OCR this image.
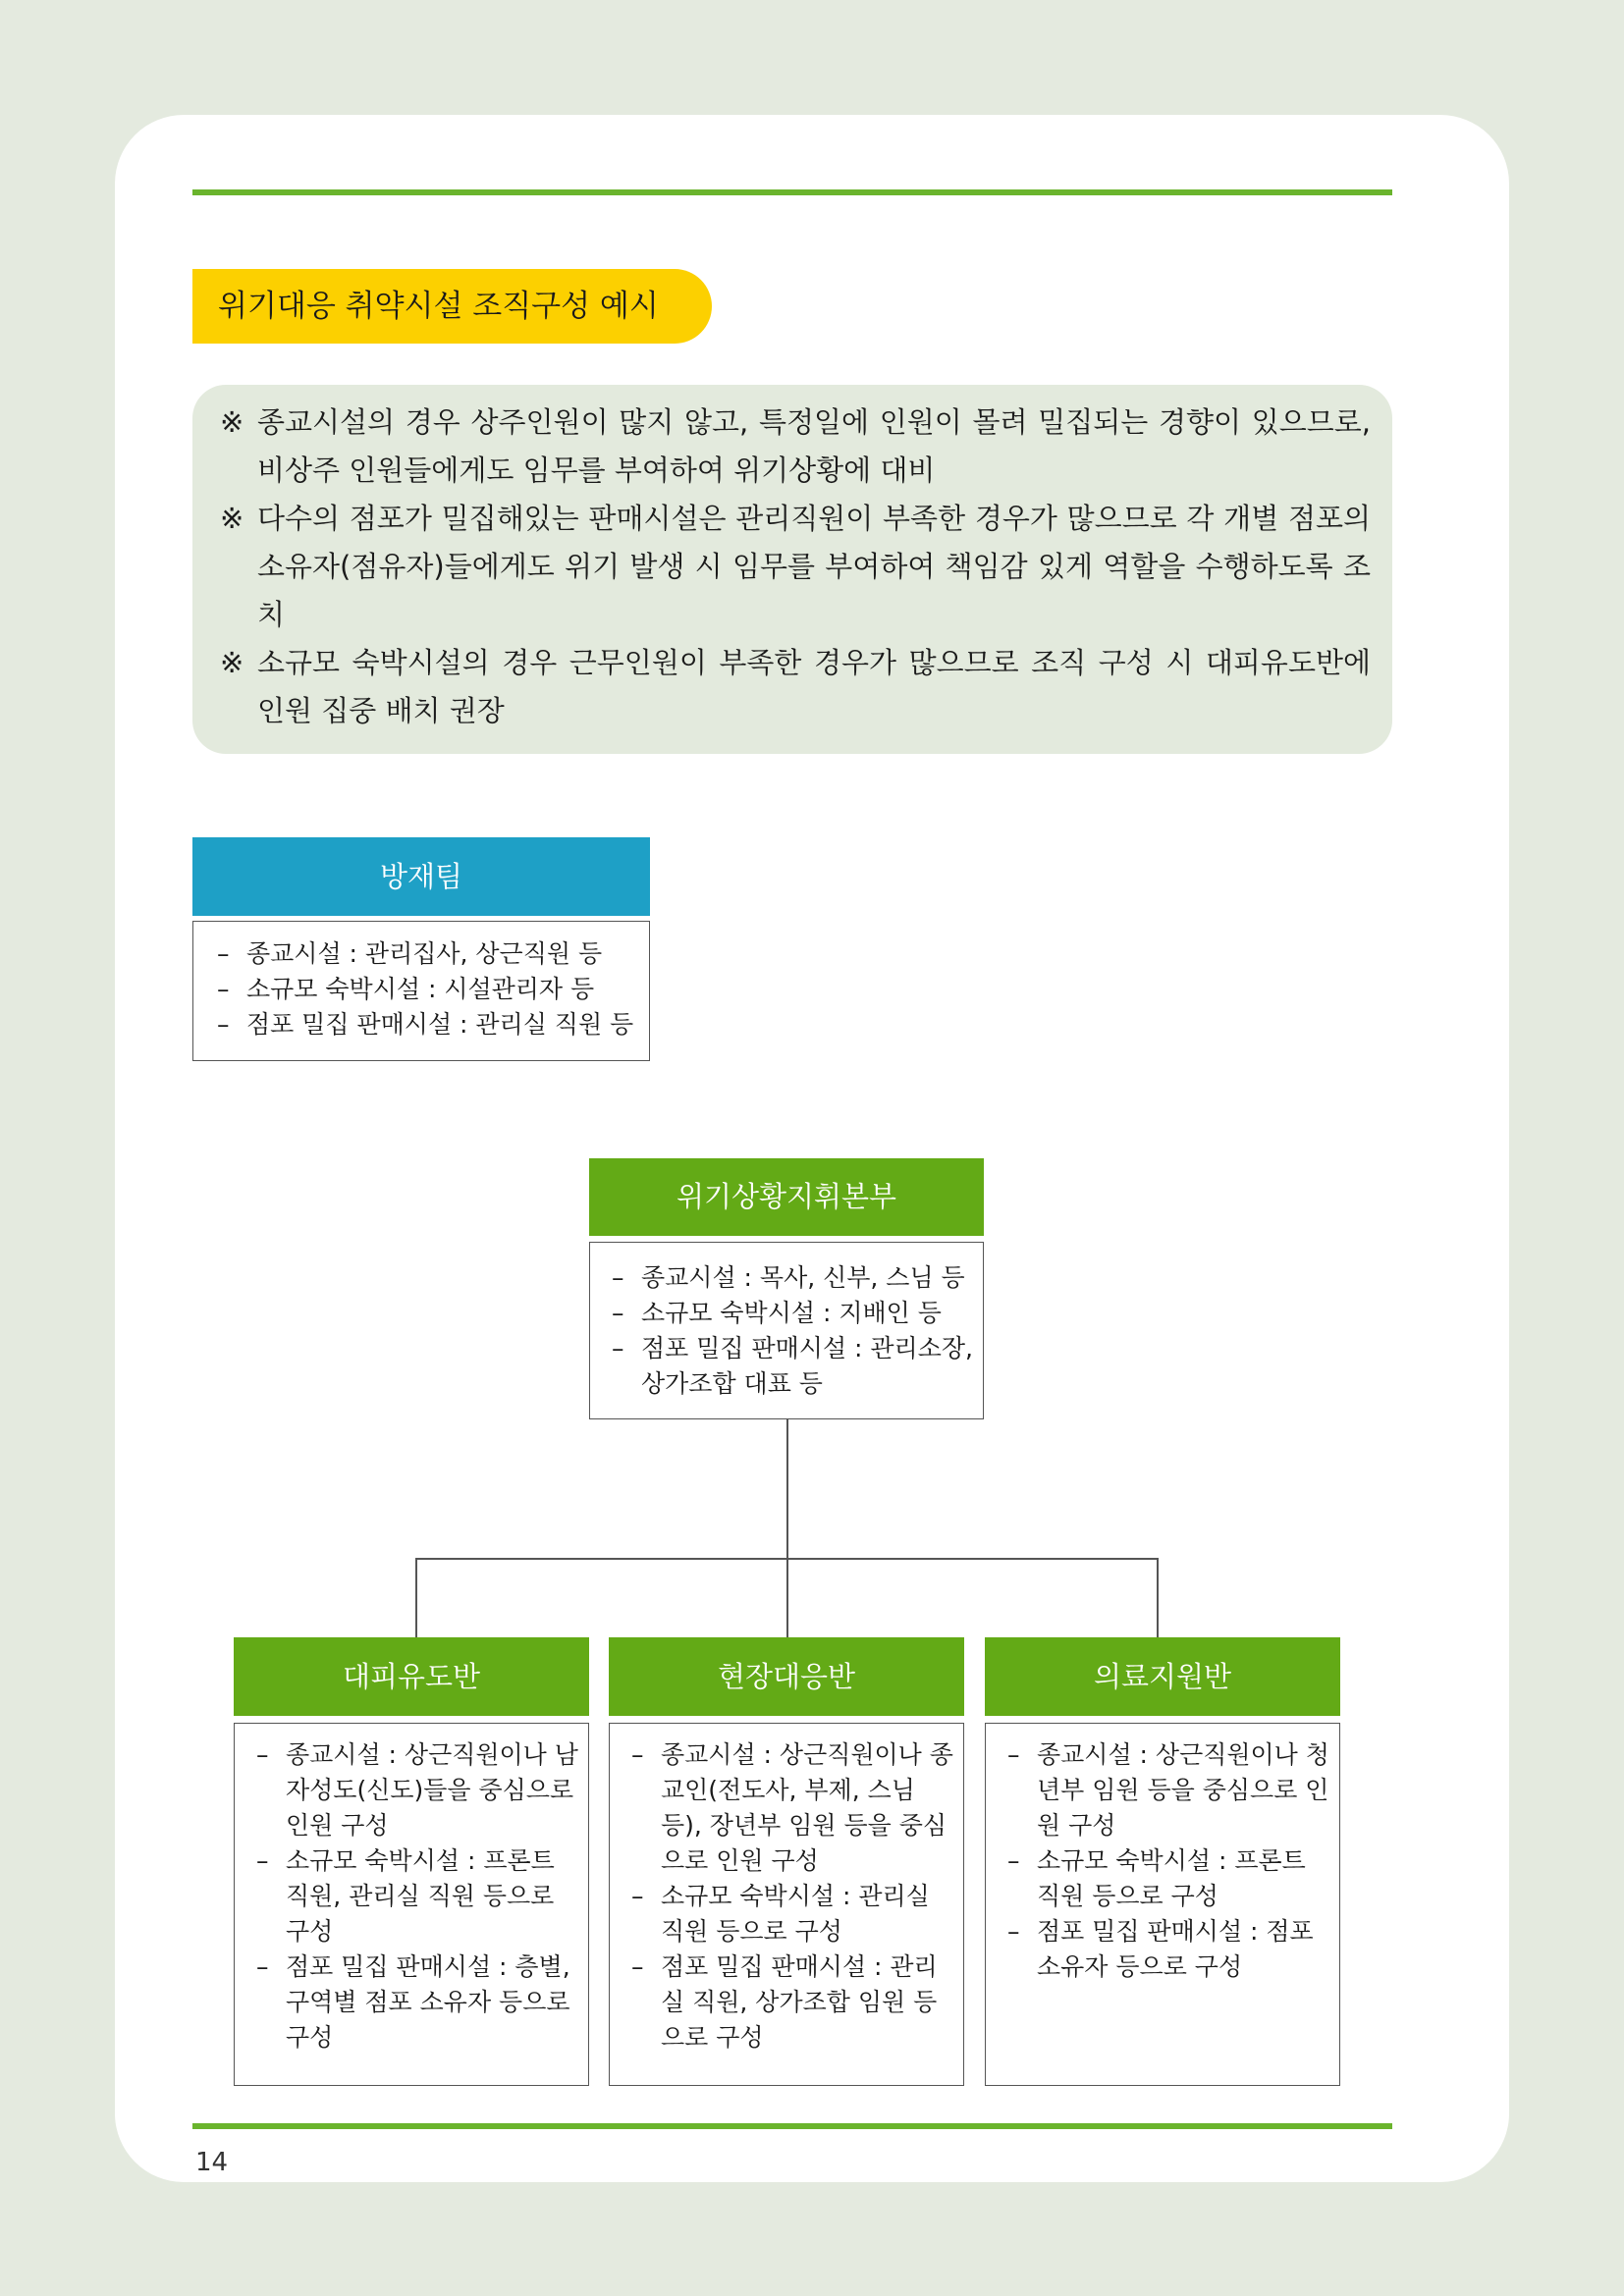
위기대응 취약시설 조직구성 예시
※ 종교시설의 경우 상주인원이 많지 않고, 특정일에 인원이 몰려 밀집되는 경향이 있으므로, 비상주 인원들에게도 임무를 부여하여 위기상황에 대비
※ 다수의 점포가 밀집해있는 판매시설은 관리직원이 부족한 경우가 많으므로 각 개별 점포의 소유자(점유자)들에게도 위기 발생 시 임무를 부여하여 책임감 있게 역할을 수행하도록 조치
※ 소규모 숙박시설의 경우 근무인원이 부족한 경우가 많으므로 조직 구성 시 대피유도반에 인원 집중 배치 권장
방재팀
– 종교시설 : 관리집사, 상근직원 등
– 소규모 숙박시설 : 시설관리자 등
– 점포 밀집 판매시설 : 관리실 직원 등
위기상황지휘본부
– 종교시설 : 목사, 신부, 스님 등
– 소규모 숙박시설 : 지배인 등
– 점포 밀집 판매시설 : 관리소장, 상가조합 대표 등
대피유도반
– 종교시설 : 상근직원이나 남자성도(신도)들을 중심으로 인원 구성
– 소규모 숙박시설 : 프론트 직원, 관리실 직원 등으로 구성
– 점포 밀집 판매시설 : 층별, 구역별 점포 소유자 등으로 구성
현장대응반
– 종교시설 : 상근직원이나 종교인(전도사, 부제, 스님 등), 장년부 임원 등을 중심으로 인원 구성
– 소규모 숙박시설 : 관리실 직원 등으로 구성
– 점포 밀집 판매시설 : 관리실 직원, 상가조합 임원 등으로 구성
의료지원반
– 종교시설 : 상근직원이나 청년부 임원 등을 중심으로 인원 구성
– 소규모 숙박시설 : 프론트 직원 등으로 구성
– 점포 밀집 판매시설 : 점포 소유자 등으로 구성
14
